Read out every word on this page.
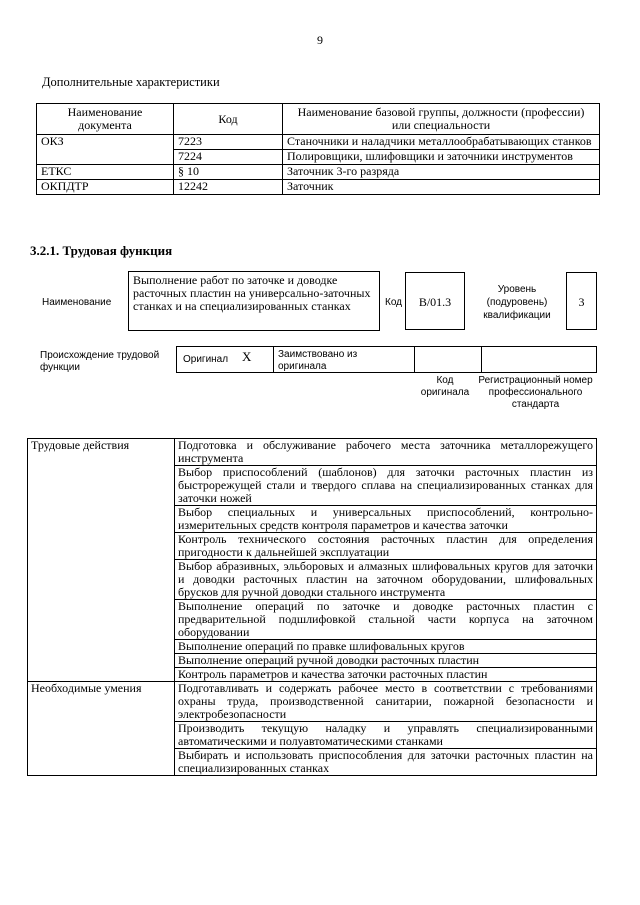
9
Дополнительные характеристики
Наименование документа	Код	Наименование базовой группы, должности (профессии) или специальности
ОКЗ	7223	Станочники и наладчики металлообрабатывающих станков
	7224	Полировщики, шлифовщики и заточники инструментов
ЕТКС	§ 10	Заточник 3-го разряда
ОКПДТР	12242	Заточник
3.2.1. Трудовая функция
Наименование
Выполнение работ по заточке и доводке расточных пластин на универсально-заточных станках и на специализированных станках	Код	B/01.3
Уровень (подуровень) квалификации
3
Происхождение трудовой функции
Оригинал X	Заимствовано из оригинала
Код оригинала
Регистрационный номер профессионального стандарта
Трудовые действия	Подготовка и обслуживание рабочего места заточника металлорежущего инструмента
	Выбор приспособлений (шаблонов) для заточки расточных пластин из быстрорежущей стали и твердого сплава на специализированных станках для заточки ножей
	Выбор специальных и универсальных приспособлений, контрольно-измерительных средств контроля параметров и качества заточки
	Контроль технического состояния расточных пластин для определения пригодности к дальнейшей эксплуатации
	Выбор абразивных, эльборовых и алмазных шлифовальных кругов для заточки и доводки расточных пластин на заточном оборудовании, шлифовальных брусков для ручной доводки стального инструмента
	Выполнение операций по заточке и доводке расточных пластин с предварительной подшлифовкой стальной части корпуса на заточном оборудовании
	Выполнение операций по правке шлифовальных кругов
	Выполнение операций ручной доводки расточных пластин
	Контроль параметров и качества заточки расточных пластин
Необходимые умения	Подготавливать и содержать рабочее место в соответствии с требованиями охраны труда, производственной санитарии, пожарной безопасности и электробезопасности
	Производить текущую наладку и управлять специализированными автоматическими и полуавтоматическими станками
	Выбирать и использовать приспособления для заточки расточных пластин на специализированных станках
